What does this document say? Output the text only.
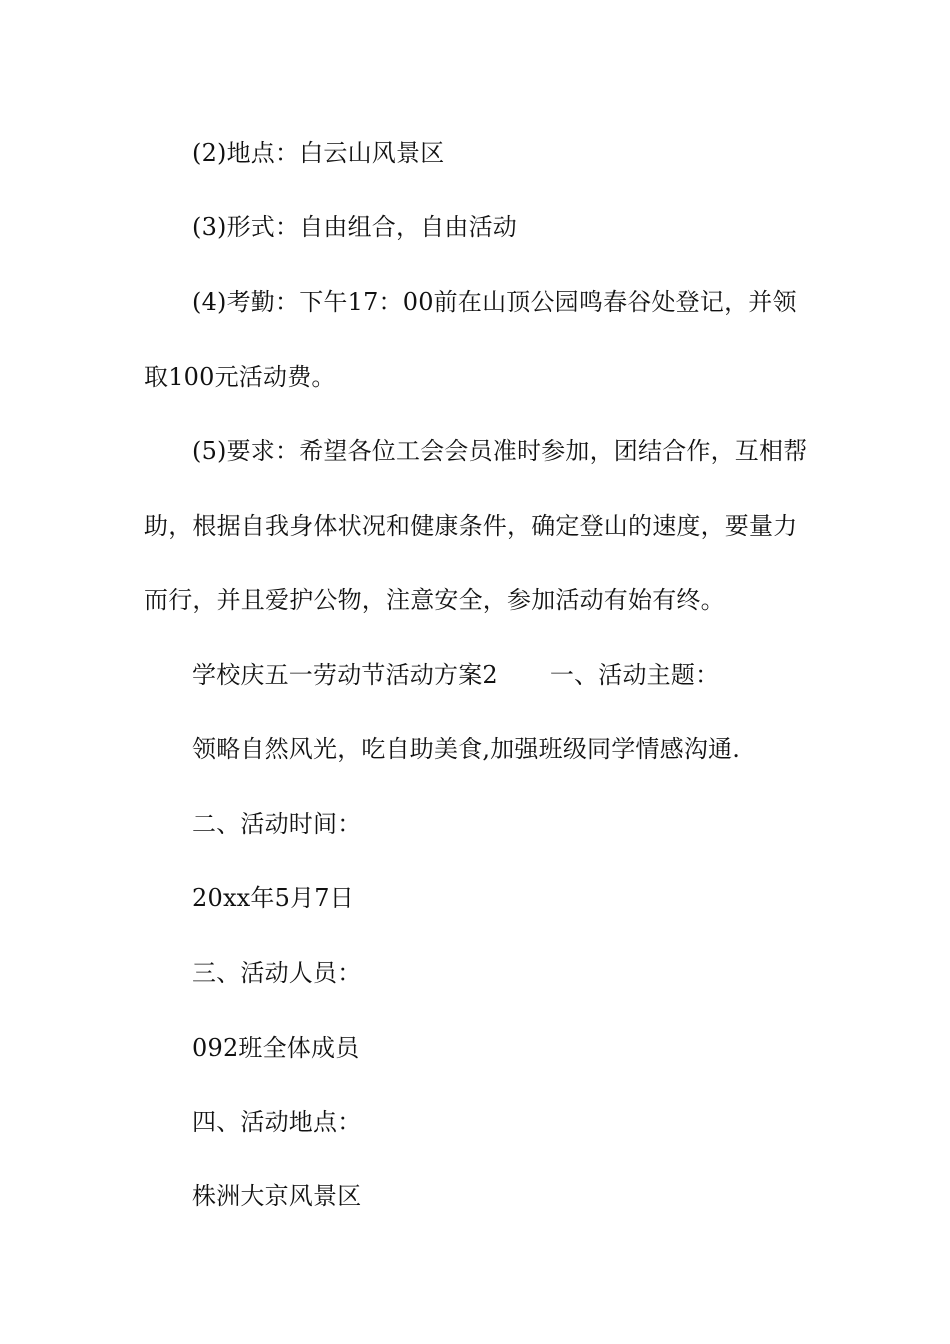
(2)地点：白云山风景区
(3)形式：自由组合，自由活动
(4)考勤：下午17：00前在山顶公园鸣春谷处登记，并领
取100元活动费。
(5)要求：希望各位工会会员准时参加，团结合作，互相帮
助，根据自我身体状况和健康条件，确定登山的速度，要量力
而行，并且爱护公物，注意安全，参加活动有始有终。
学校庆五一劳动节活动方案2 一、活动主题：
领略自然风光，吃自助美食,加强班级同学情感沟通.
二、活动时间：
20xx年5月7日
三、活动人员：
092班全体成员
四、活动地点：
株洲大京风景区
